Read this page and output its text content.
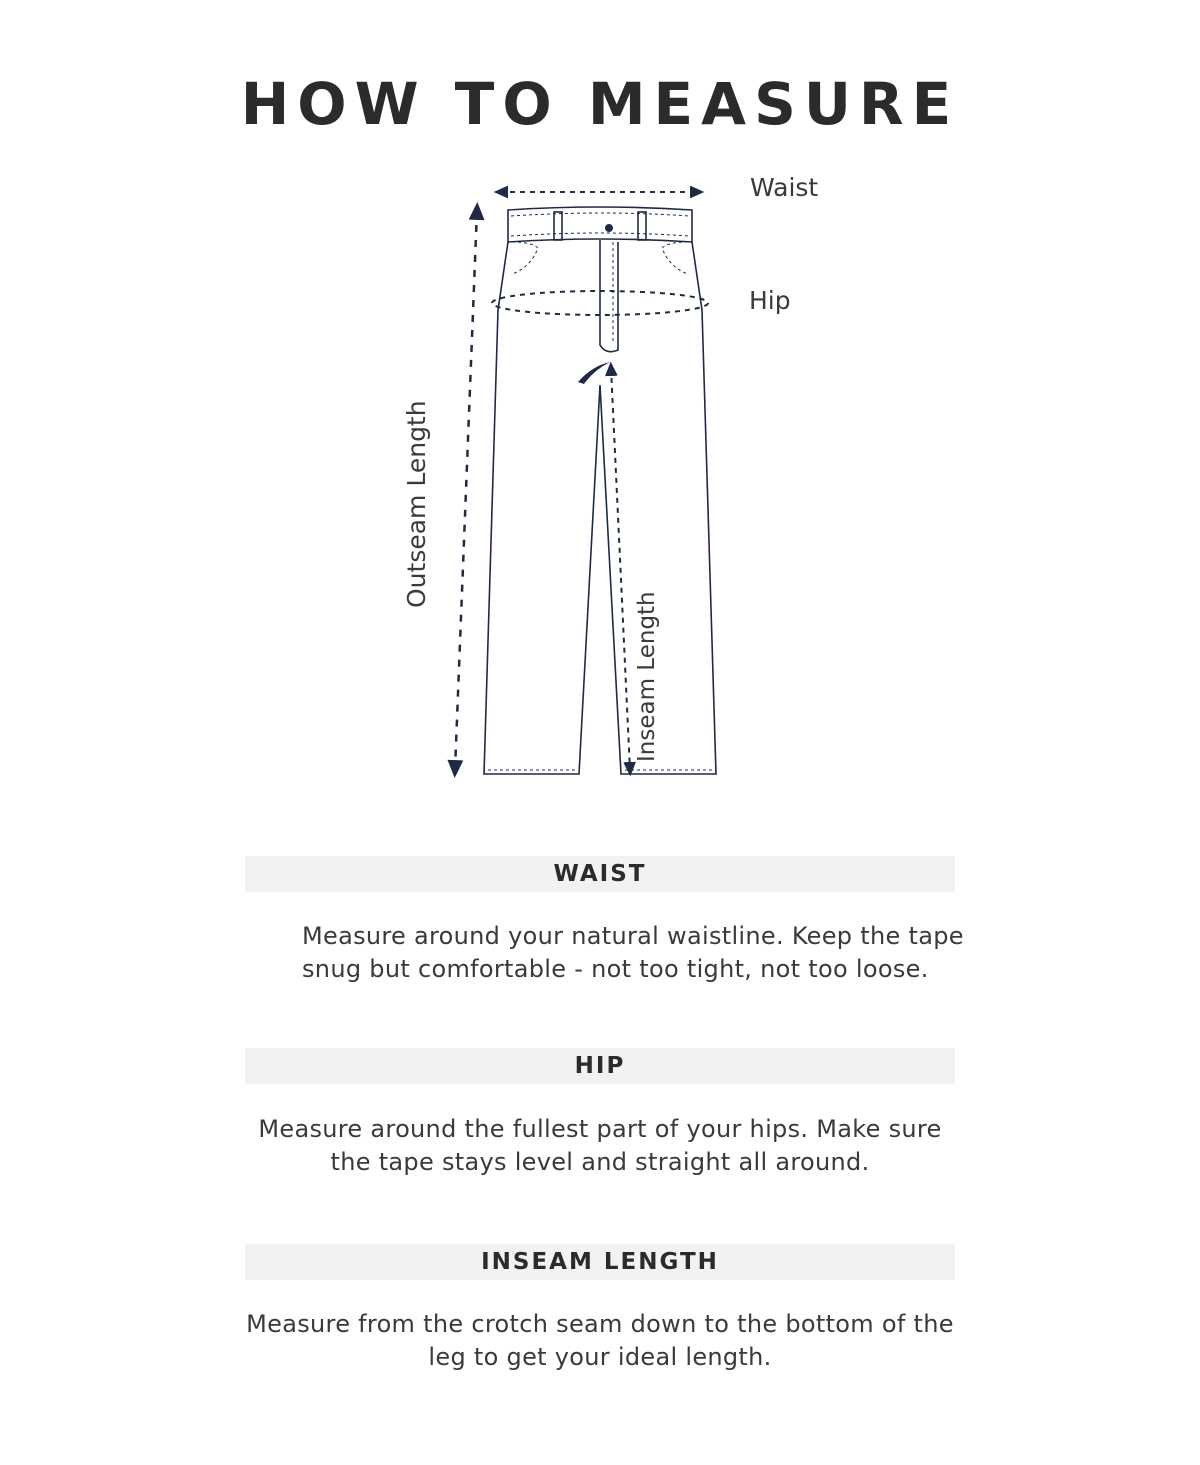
HOW TO MEASURE
Waist
Hip
Outseam Length
Inseam Length
WAIST
Measure around your natural waistline. Keep the tape
snug but comfortable - not too tight, not too loose.
HIP
Measure around the fullest part of your hips. Make sure
the tape stays level and straight all around.
INSEAM LENGTH
Measure from the crotch seam down to the bottom of the
leg to get your ideal length.
